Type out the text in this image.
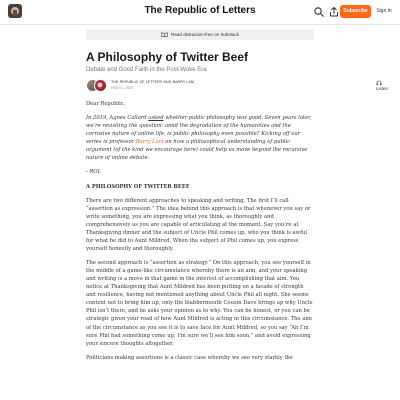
The Republic of Letters	Subscribe	Sign in
Read distraction-free on Substack
A Philosophy of Twitter Beef
Debate and Good Faith in the Post-Woke Era
THE REPUBLIC OF LETTERS AND BARRY LAM
FEB 01, 2025	Listen

Dear Republic,

In 2019, Agnes Callard asked whether public philosophy was good. Seven years later, we’re revisiting the question: amid the degradation of the humanities and the corrosive nature of online life, is public philosophy even possible? Kicking off our series is professor Barry Lam on how a philosophical understanding of public argument (of the kind we encourage here) could help us move beyond the recursive nature of online debate.

- ROL

A PHILOSOPHY OF TWITTER BEEF

There are two different approaches to speaking and writing. The first I’ll call “assertion as expression.” The idea behind this approach is that whenever you say or write something, you are expressing what you think, as thoroughly and comprehensively as you are capable of articulating at the moment. Say you’re at Thanksgiving dinner and the subject of Uncle Phil comes up, who you think is awful for what he did to Aunt Mildred. When the subject of Phil comes up, you express yourself honestly and thoroughly.

The second approach is “assertion as strategy.” On this approach, you see yourself in the middle of a game-like circumstance whereby there is an aim, and your speaking and writing is a move in that game in the interest of accomplishing that aim. You notice at Thanksgiving that Aunt Mildred has been putting on a facade of strength and resilience, having not mentioned anything about Uncle Phil all night. She seems content not to bring him up, only the blabbermouth Cousin Dave brings up why Uncle Phil isn’t there, and he asks your opinion as to why. You can be honest, or you can be strategic given your read of how Aunt Mildred is acting in this circumstance. The aim of the circumstance as you see it is to save face for Aunt Mildred, so you say “Ah I’m sure Phil had something come up, I’m sure we’ll see him soon,” and avoid expressing your sincere thoughts altogether.

Politicians making assertions is a classic case whereby we see very starkly the
